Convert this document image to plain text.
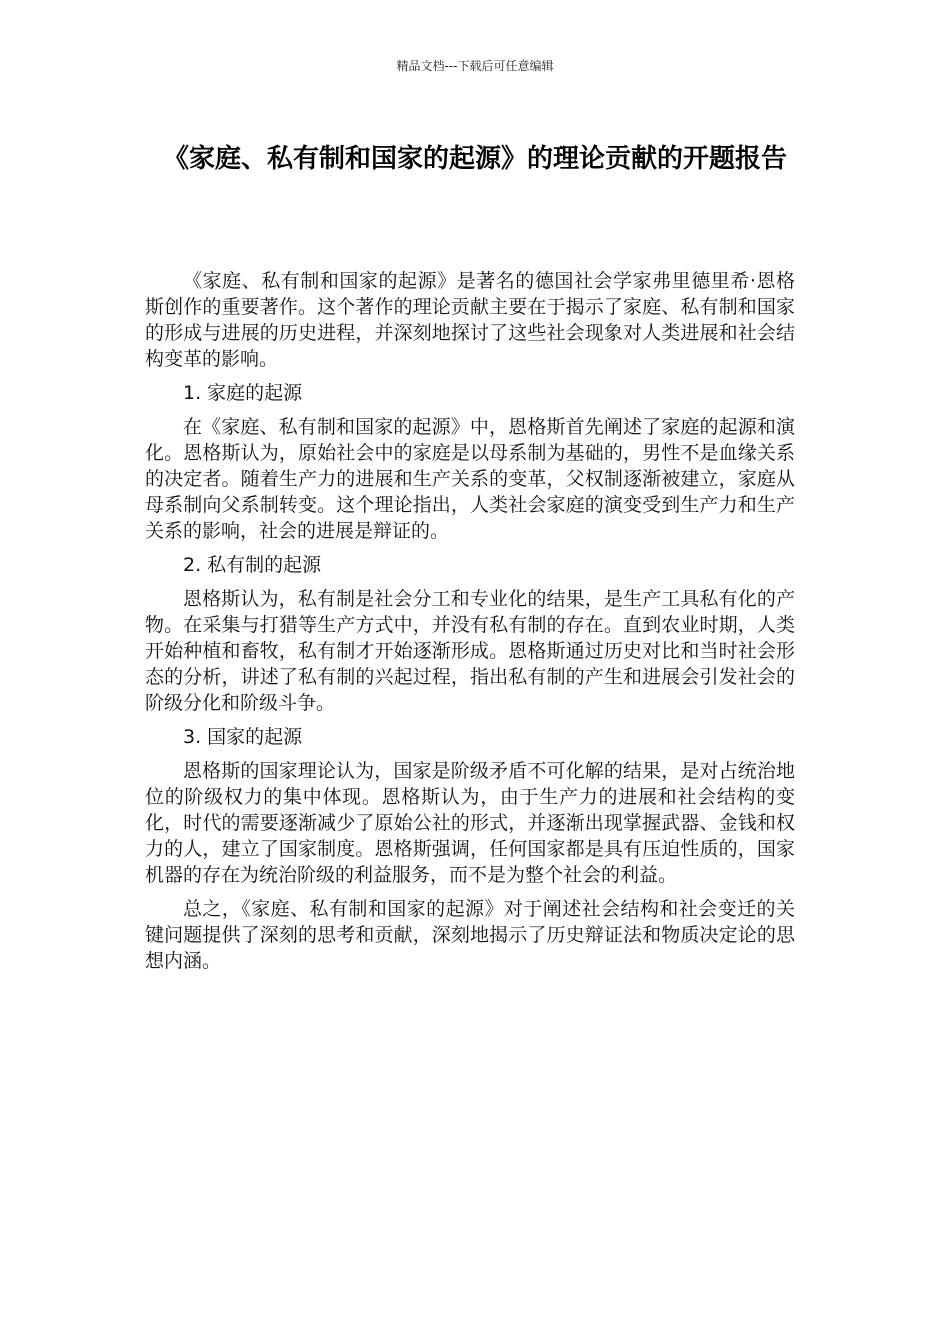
精品文档---下载后可任意编辑
《家庭、私有制和国家的起源》的理论贡献的开题报告

《家庭、私有制和国家的起源》是著名的德国社会学家弗里德里希·恩格斯创作的重要著作。这个著作的理论贡献主要在于揭示了家庭、私有制和国家的形成与进展的历史进程，并深刻地探讨了这些社会现象对人类进展和社会结构变革的影响。

1. 家庭的起源

在《家庭、私有制和国家的起源》中，恩格斯首先阐述了家庭的起源和演化。恩格斯认为，原始社会中的家庭是以母系制为基础的，男性不是血缘关系的决定者。随着生产力的进展和生产关系的变革，父权制逐渐被建立，家庭从母系制向父系制转变。这个理论指出，人类社会家庭的演变受到生产力和生产关系的影响，社会的进展是辩证的。

2. 私有制的起源

恩格斯认为，私有制是社会分工和专业化的结果，是生产工具私有化的产物。在采集与打猎等生产方式中，并没有私有制的存在。直到农业时期，人类开始种植和畜牧，私有制才开始逐渐形成。恩格斯通过历史对比和当时社会形态的分析，讲述了私有制的兴起过程，指出私有制的产生和进展会引发社会的阶级分化和阶级斗争。

3. 国家的起源

恩格斯的国家理论认为，国家是阶级矛盾不可化解的结果，是对占统治地位的阶级权力的集中体现。恩格斯认为，由于生产力的进展和社会结构的变化，时代的需要逐渐减少了原始公社的形式，并逐渐出现掌握武器、金钱和权力的人，建立了国家制度。恩格斯强调，任何国家都是具有压迫性质的，国家机器的存在为统治阶级的利益服务，而不是为整个社会的利益。

总之，《家庭、私有制和国家的起源》对于阐述社会结构和社会变迁的关键问题提供了深刻的思考和贡献，深刻地揭示了历史辩证法和物质决定论的思想内涵。
